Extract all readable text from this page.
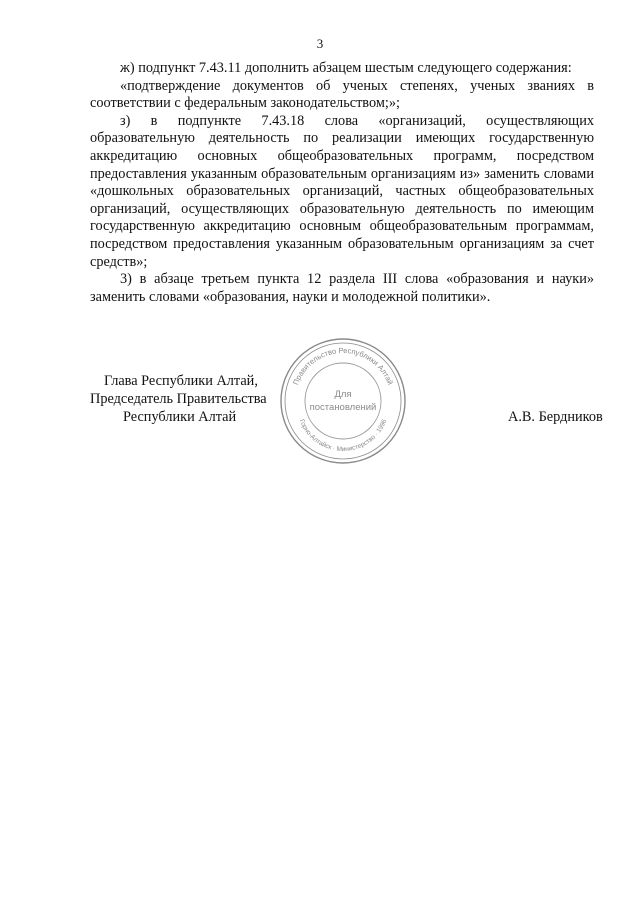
3

ж) подпункт 7.43.11 дополнить абзацем шестым следующего содержания:

«подтверждение документов об ученых степенях, ученых званиях в соответствии с федеральным законодательством;»;

з) в подпункте 7.43.18 слова «организаций, осуществляющих образовательную деятельность по реализации имеющих государственную аккредитацию основных общеобразовательных программ, посредством предоставления указанным образовательным организациям из» заменить словами «дошкольных образовательных организаций, частных общеобразовательных организаций, осуществляющих образовательную деятельность по имеющим государственную аккредитацию основным общеобразовательным программам, посредством предоставления указанным образовательным организациям за счет средств»;

3) в абзаце третьем пункта 12 раздела III слова «образования и науки» заменить словами «образования, науки и молодежной политики».

Глава Республики Алтай,
Председатель Правительства
Республики Алтай	А.В. Бердников
Правительство Республики Алтай
Горно-Алтайск · Министерство · 1996
Для
постановлений
